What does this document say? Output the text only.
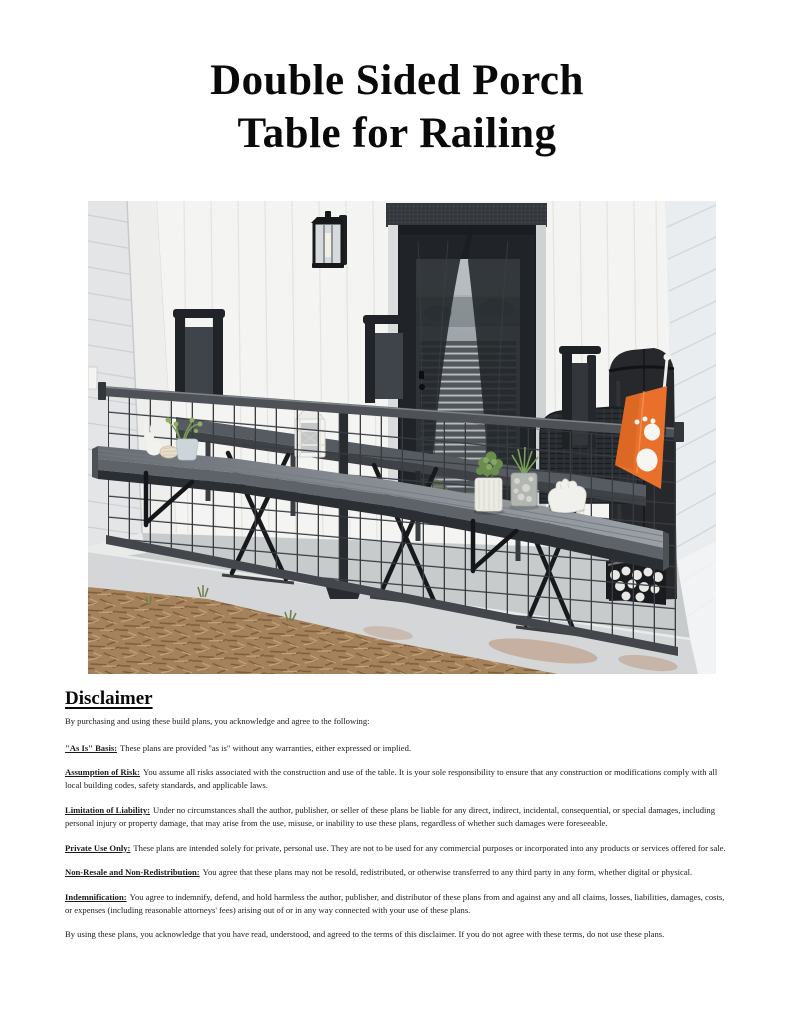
Double Sided Porch
Table for Railing
Disclaimer

By purchasing and using these build plans, you acknowledge and agree to the following:

"As Is" Basis: These plans are provided "as is" without any warranties, either expressed or implied.

Assumption of Risk: You assume all risks associated with the construction and use of the table. It is your sole responsibility to ensure that any construction or modifications comply with all local building codes, safety standards, and applicable laws.

Limitation of Liability: Under no circumstances shall the author, publisher, or seller of these plans be liable for any direct, indirect, incidental, consequential, or special damages, including personal injury or property damage, that may arise from the use, misuse, or inability to use these plans, regardless of whether such damages were foreseeable.

Private Use Only: These plans are intended solely for private, personal use. They are not to be used for any commercial purposes or incorporated into any products or services offered for sale.

Non-Resale and Non-Redistribution: You agree that these plans may not be resold, redistributed, or otherwise transferred to any third party in any form, whether digital or physical.

Indemnification: You agree to indemnify, defend, and hold harmless the author, publisher, and distributor of these plans from and against any and all claims, losses, liabilities, damages, costs, or expenses (including reasonable attorneys' fees) arising out of or in any way connected with your use of these plans.

By using these plans, you acknowledge that you have read, understood, and agreed to the terms of this disclaimer. If you do not agree with these terms, do not use these plans.
